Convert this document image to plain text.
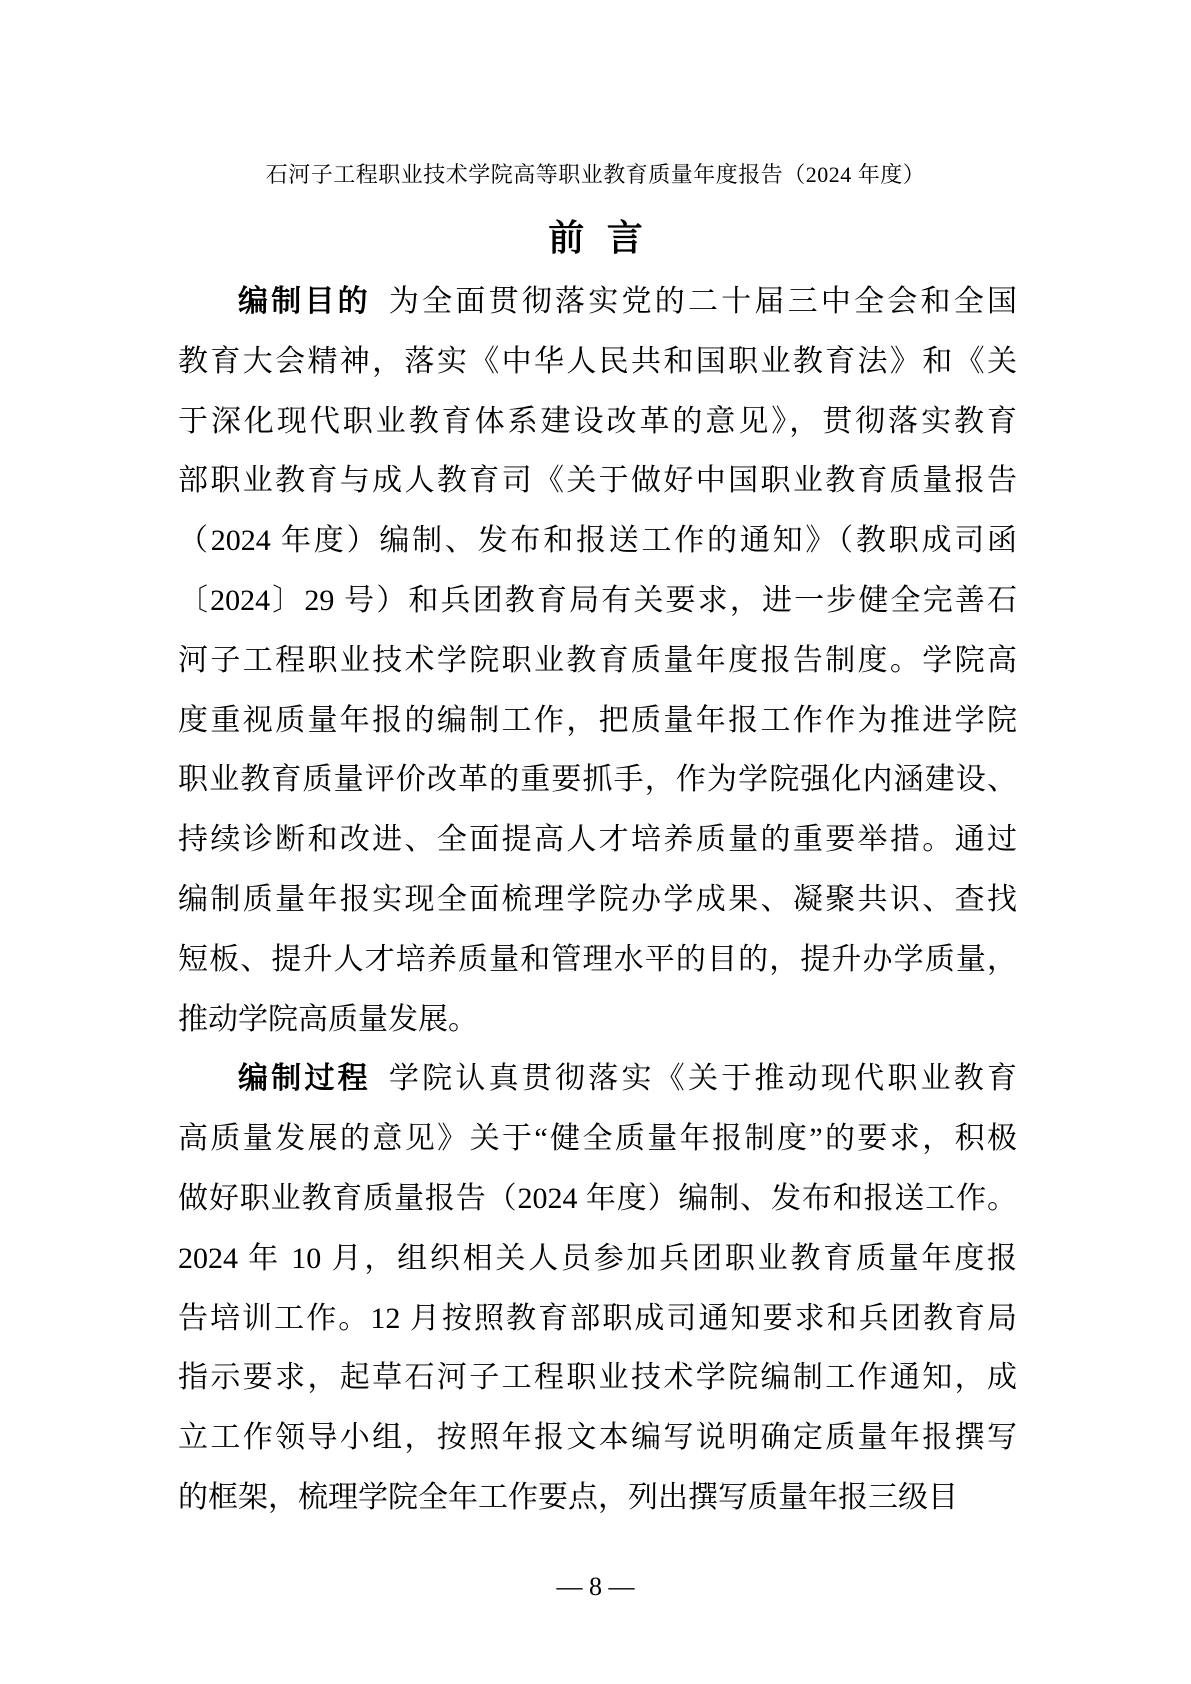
石河子工程职业技术学院高等职业教育质量年度报告（2024 年度）
前 言

编制目的 为全面贯彻落实党的二十届三中全会和全国

教育大会精神，落实《中华人民共和国职业教育法》和《关

于深化现代职业教育体系建设改革的意见》，贯彻落实教育

部职业教育与成人教育司《关于做好中国职业教育质量报告

（2024 年度）编制、发布和报送工作的通知》（教职成司函

〔2024〕29 号）和兵团教育局有关要求，进一步健全完善石

河子工程职业技术学院职业教育质量年度报告制度。学院高

度重视质量年报的编制工作，把质量年报工作作为推进学院

职业教育质量评价改革的重要抓手，作为学院强化内涵建设、

持续诊断和改进、全面提高人才培养质量的重要举措。通过

编制质量年报实现全面梳理学院办学成果、凝聚共识、查找

短板、提升人才培养质量和管理水平的目的，提升办学质量，

推动学院高质量发展。

编制过程 学院认真贯彻落实《关于推动现代职业教育

高质量发展的意见》关于“健全质量年报制度”的要求，积极

做好职业教育质量报告（2024 年度）编制、发布和报送工作。

2024 年 10 月，组织相关人员参加兵团职业教育质量年度报

告培训工作。12 月按照教育部职成司通知要求和兵团教育局

指示要求，起草石河子工程职业技术学院编制工作通知，成

立工作领导小组，按照年报文本编写说明确定质量年报撰写

的框架，梳理学院全年工作要点，列出撰写质量年报三级目

— 8 —
